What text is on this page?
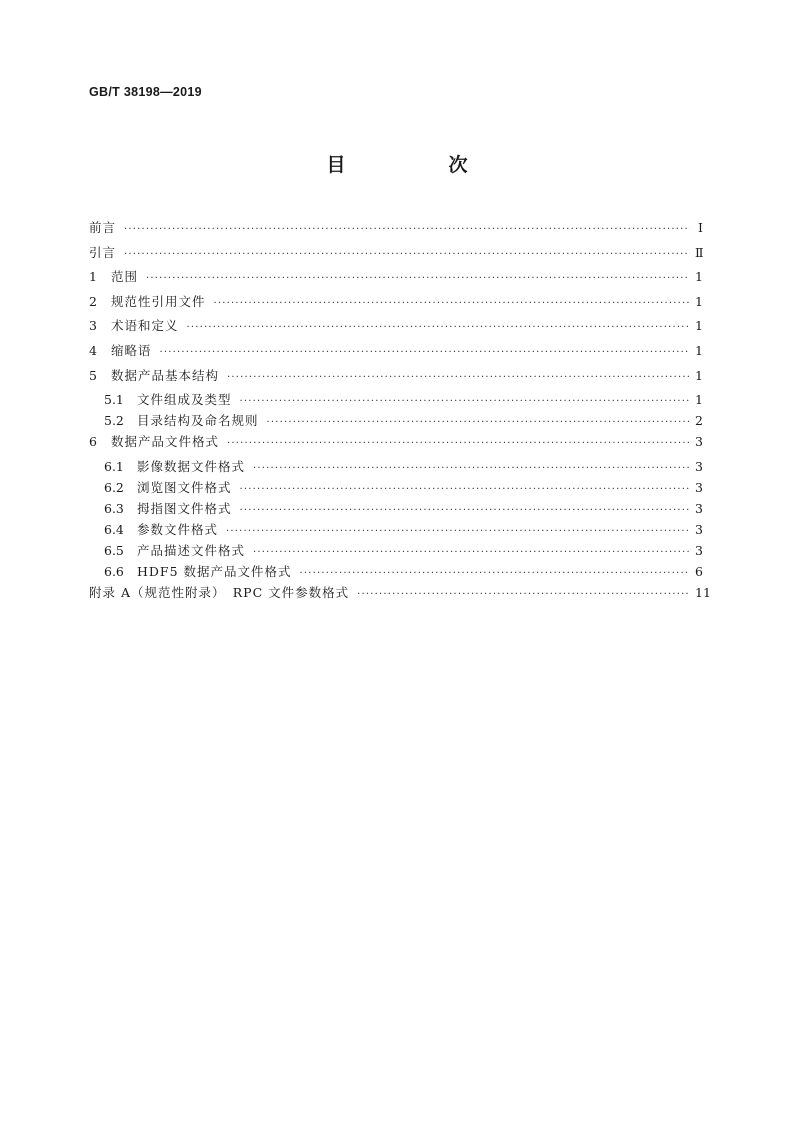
GB/T 38198—2019
目　次
前言 ·····	Ⅰ
引言 ·····	Ⅱ
1	范围 ·····	1
2	规范性引用文件 ·····	1
3	术语和定义 ·····	1
4	缩略语 ·····	1
5	数据产品基本结构 ·····	1
5.1	文件组成及类型 ·····	1
5.2	目录结构及命名规则 ·····	2
6	数据产品文件格式 ·····	3
6.1	影像数据文件格式 ·····	3
6.2	浏览图文件格式 ·····	3
6.3	拇指图文件格式 ·····	3
6.4	参数文件格式 ·····	3
6.5	产品描述文件格式 ·····	3
6.6	HDF5 数据产品文件格式 ·····	6
附录 A（规范性附录）　RPC 文件参数格式 ·····	11
